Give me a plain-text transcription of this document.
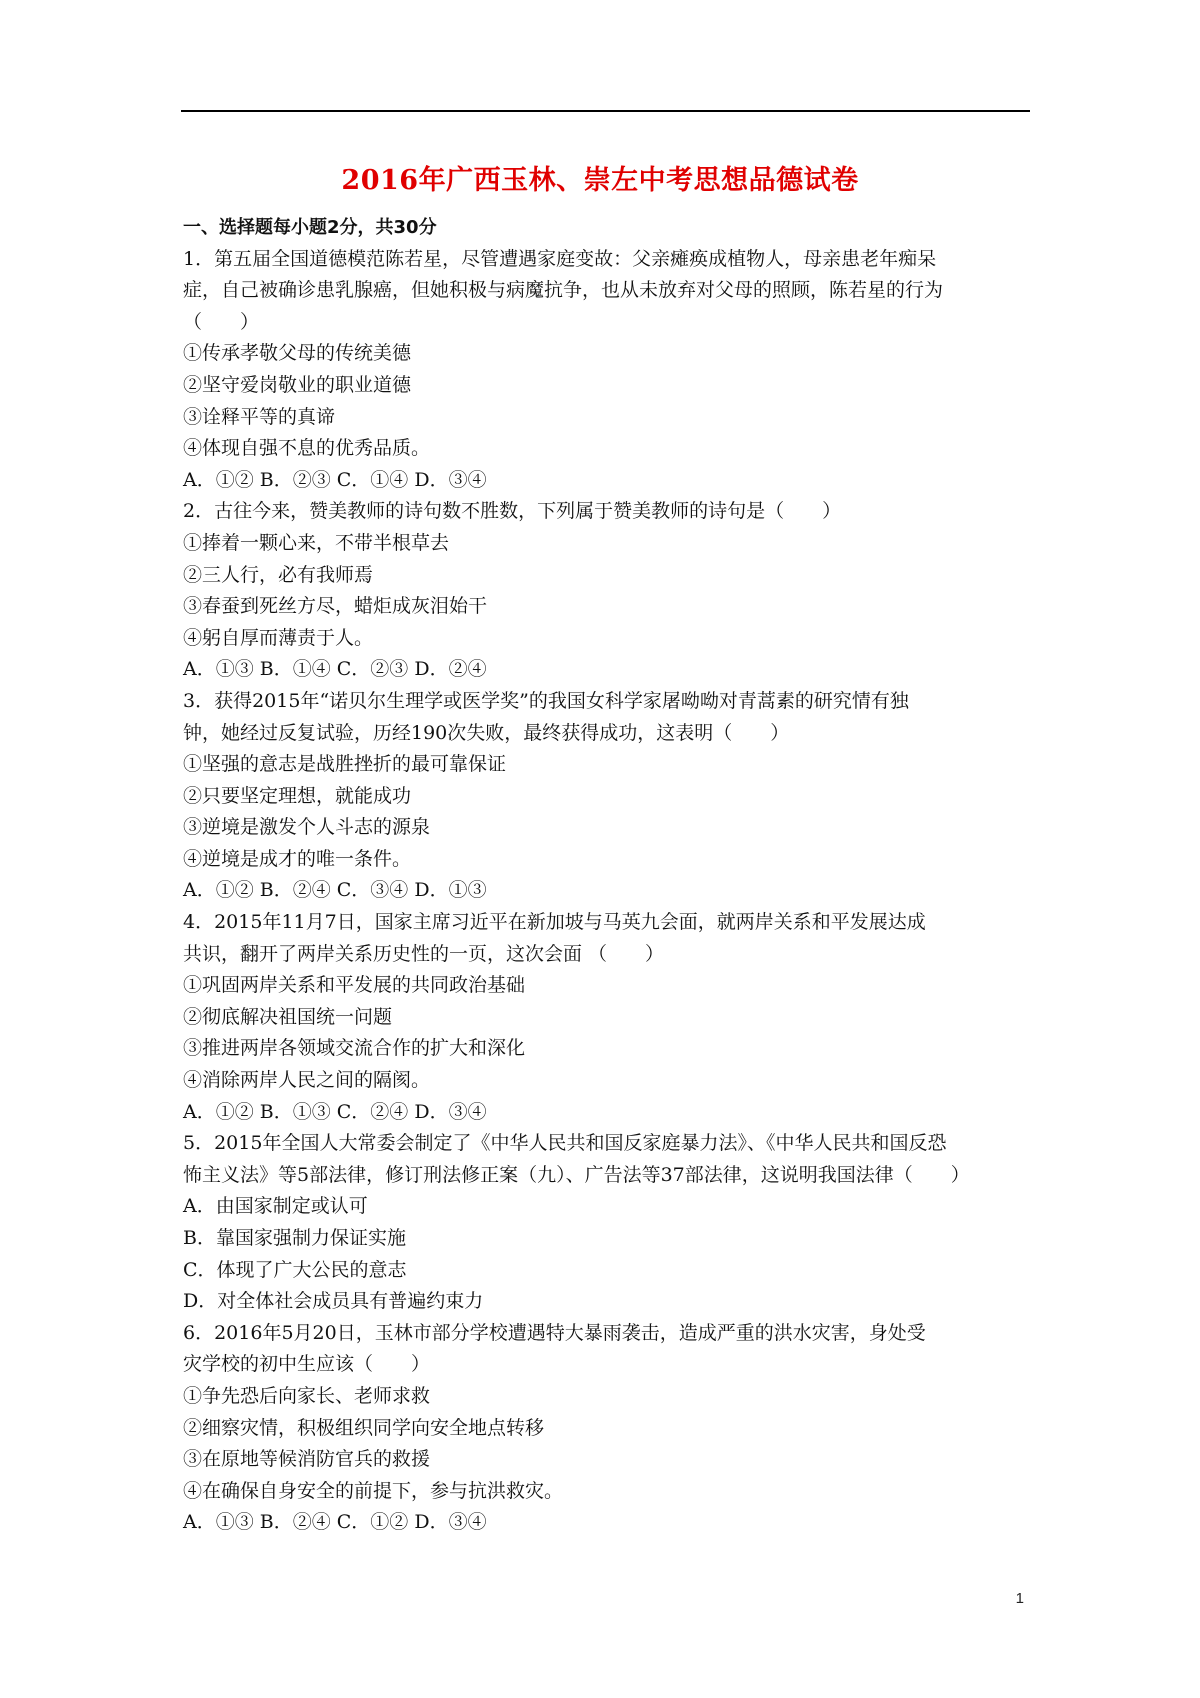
2016年广西玉林、崇左中考思想品德试卷
一、选择题每小题2分，共30分
1．第五届全国道德模范陈若星，尽管遭遇家庭变故：父亲瘫痪成植物人，母亲患老年痴呆
症，自己被确诊患乳腺癌，但她积极与病魔抗争，也从未放弃对父母的照顾，陈若星的行为
（　　）
①传承孝敬父母的传统美德
②坚守爱岗敬业的职业道德
③诠释平等的真谛
④体现自强不息的优秀品质。
A．①② B．②③ C．①④ D．③④
2．古往今来，赞美教师的诗句数不胜数，下列属于赞美教师的诗句是（　　）
①捧着一颗心来，不带半根草去
②三人行，必有我师焉
③春蚕到死丝方尽，蜡炬成灰泪始干
④躬自厚而薄责于人。
A．①③ B．①④ C．②③ D．②④
3．获得2015年“诺贝尔生理学或医学奖”的我国女科学家屠呦呦对青蒿素的研究情有独
钟，她经过反复试验，历经190次失败，最终获得成功，这表明（　　）
①坚强的意志是战胜挫折的最可靠保证
②只要坚定理想，就能成功
③逆境是激发个人斗志的源泉
④逆境是成才的唯一条件。
A．①② B．②④ C．③④ D．①③
4．2015年11月7日，国家主席习近平在新加坡与马英九会面，就两岸关系和平发展达成
共识，翻开了两岸关系历史性的一页，这次会面 （　　）
①巩固两岸关系和平发展的共同政治基础
②彻底解决祖国统一问题
③推进两岸各领域交流合作的扩大和深化
④消除两岸人民之间的隔阂。
A．①② B．①③ C．②④ D．③④
5．2015年全国人大常委会制定了《中华人民共和国反家庭暴力法》、《中华人民共和国反恐
怖主义法》等5部法律，修订刑法修正案（九）、广告法等37部法律，这说明我国法律（　　）
A．由国家制定或认可
B．靠国家强制力保证实施
C．体现了广大公民的意志
D．对全体社会成员具有普遍约束力
6．2016年5月20日，玉林市部分学校遭遇特大暴雨袭击，造成严重的洪水灾害，身处受
灾学校的初中生应该（　　）
①争先恐后向家长、老师求救
②细察灾情，积极组织同学向安全地点转移
③在原地等候消防官兵的救援
④在确保自身安全的前提下，参与抗洪救灾。
A．①③ B．②④ C．①② D．③④
1
